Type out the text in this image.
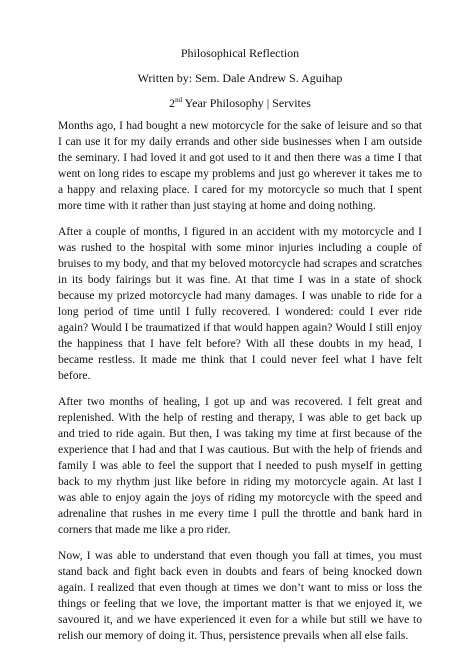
Philosophical Reflection

Written by: Sem. Dale Andrew S. Aguihap

2nd Year Philosophy | Servites

Months ago, I had bought a new motorcycle for the sake of leisure and so that I can use it for my daily errands and other side businesses when I am outside the seminary. I had loved it and got used to it and then there was a time I that went on long rides to escape my problems and just go wherever it takes me to a happy and relaxing place. I cared for my motorcycle so much that I spent more time with it rather than just staying at home and doing nothing.

After a couple of months, I figured in an accident with my motorcycle and I was rushed to the hospital with some minor injuries including a couple of bruises to my body, and that my beloved motorcycle had scrapes and scratches in its body fairings but it was fine. At that time I was in a state of shock because my prized motorcycle had many damages. I was unable to ride for a long period of time until I fully recovered. I wondered: could I ever ride again? Would I be traumatized if that would happen again? Would I still enjoy the happiness that I have felt before? With all these doubts in my head, I became restless. It made me think that I could never feel what I have felt before.

After two months of healing, I got up and was recovered. I felt great and replenished. With the help of resting and therapy, I was able to get back up and tried to ride again. But then, I was taking my time at first because of the experience that I had and that I was cautious. But with the help of friends and family I was able to feel the support that I needed to push myself in getting back to my rhythm just like before in riding my motorcycle again. At last I was able to enjoy again the joys of riding my motorcycle with the speed and adrenaline that rushes in me every time I pull the throttle and bank hard in corners that made me like a pro rider.

Now, I was able to understand that even though you fall at times, you must stand back and fight back even in doubts and fears of being knocked down again. I realized that even though at times we don’t want to miss or loss the things or feeling that we love, the important matter is that we enjoyed it, we savoured it, and we have experienced it even for a while but still we have to relish our memory of doing it. Thus, persistence prevails when all else fails.
